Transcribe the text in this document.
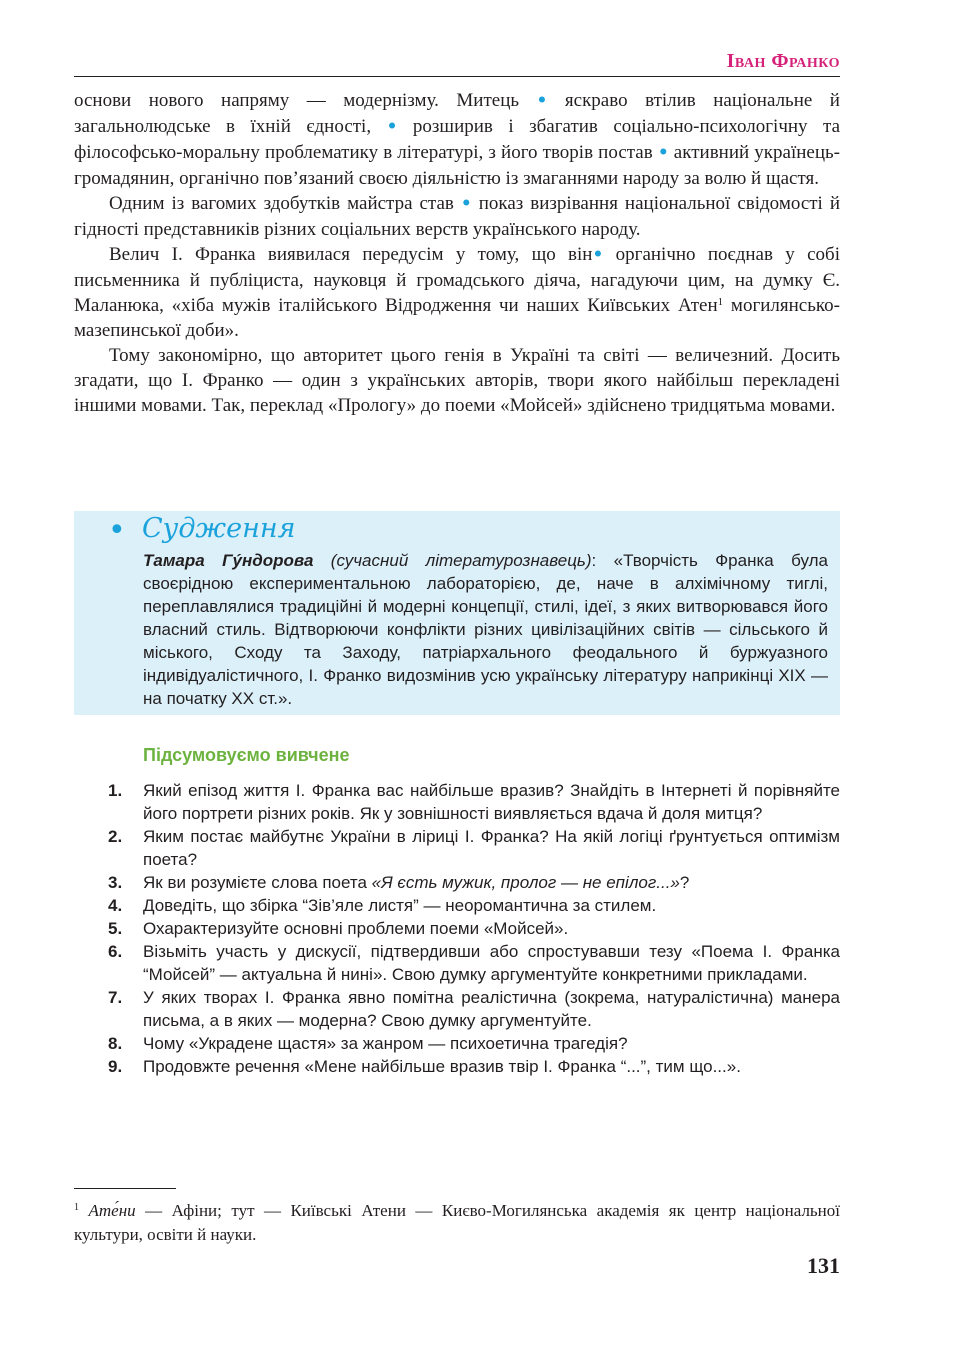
Іван Франко

основи нового напряму — модернізму. Митець • яскраво втілив національне й загальнолюдське в їхній єдності, • розширив і збагатив соціально-психологічну та філософсько-моральну проблематику в літературі, з його творів постав • активний українець-громадянин, органічно пов’язаний своєю діяльністю із змаганнями народу за волю й щастя.

Одним із вагомих здобутків майстра став • показ визрівання національної свідомості й гідності представників різних соціальних верств українського народу.

Велич І. Франка виявилася передусім у тому, що він• органічно поєднав у собі письменника й публіциста, науковця й громадського діяча, нагадуючи цим, на думку Є. Маланюка, «хіба мужів італійського Відродження чи наших Київських Атен$^1$ могилянсько-мазепинської доби».

Тому закономірно, що авторитет цього генія в Україні та світі — величезний. Досить згадати, що І. Франко — один з українських авторів, твори якого найбільш перекладені іншими мовами. Так, переклад «Прологу» до поеми «Мойсей» здійснено тридцятьма мовами.

• Судження
Тамара Гýндорова (сучасний літературознавець): «Творчість Франка була своєрідною експериментальною лабораторією, де, наче в алхімічному тиглі, переплавлялися традиційні й модерні концепції, стилі, ідеї, з яких витворювався його власний стиль. Відтворюючи конфлікти різних цивілізаційних світів — сільського й міського, Сходу та Заходу, патріархального феодального й буржуазного індивідуалістичного, І. Франко видозмінив усю українську літературу наприкінці ХІХ — на початку ХХ ст.».
Підсумовуємо вивчене
1. Який епізод життя І. Франка вас найбільше вразив? Знайдіть в Інтернеті й порівняйте його портрети різних років. Як у зовнішності виявляється вдача й доля митця?
2. Яким постає майбутнє України в ліриці І. Франка? На якій логіці ґрунтується оптимізм поета?
3. Як ви розумієте слова поета «Я єсть мужик, пролог — не епілог...»?
4. Доведіть, що збірка “Зів’яле листя” — неоромантична за стилем.
5. Охарактеризуйте основні проблеми поеми «Мойсей».
6. Візьміть участь у дискусії, підтвердивши або спростувавши тезу «Поема І. Франка “Мойсей” — актуальна й нині». Свою думку аргументуйте конкретними прикладами.
7. У яких творах І. Франка явно помітна реалістична (зокрема, натуралістична) манера письма, а в яких — модерна? Свою думку аргументуйте.
8. Чому «Украдене щастя» за жанром — психоетична трагедія?
9. Продовжте речення «Мене найбільше вразив твір І. Франка “...”, тим що...».
$^1$ Ате́ни — Афіни; тут — Київські Атени — Києво-Могилянська академія як центр національної культури, освіти й науки.
131
